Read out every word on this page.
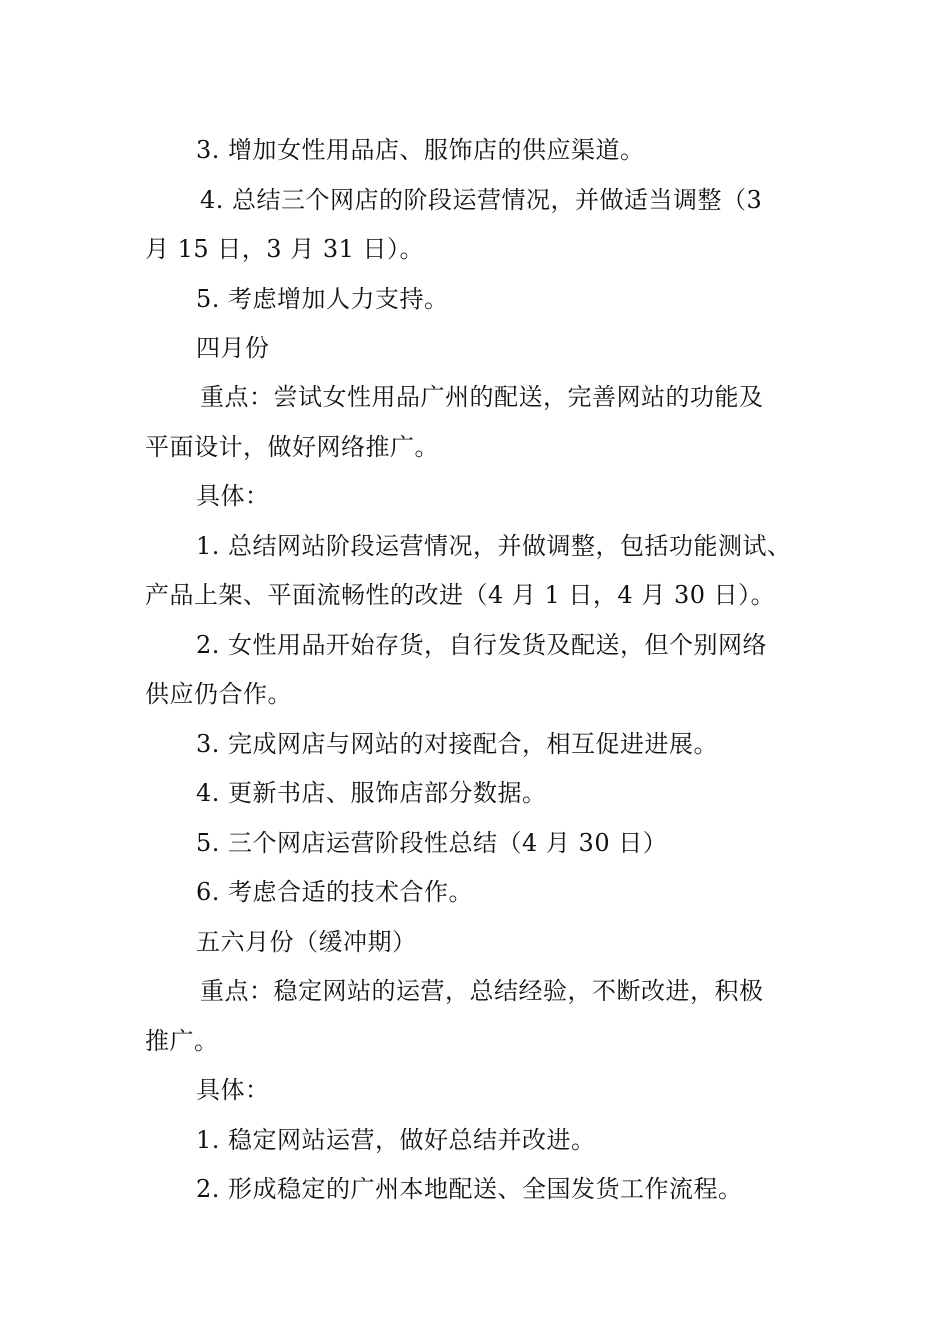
3. 增加女性用品店、服饰店的供应渠道。
4. 总结三个网店的阶段运营情况，并做适当调整（3
月 15 日，3 月 31 日）。
5. 考虑增加人力支持。
四月份
重点：尝试女性用品广州的配送，完善网站的功能及
平面设计，做好网络推广。
具体：
1. 总结网站阶段运营情况，并做调整，包括功能测试、
产品上架、平面流畅性的改进（4 月 1 日，4 月 30 日）。
2. 女性用品开始存货，自行发货及配送，但个别网络
供应仍合作。
3. 完成网店与网站的对接配合，相互促进进展。
4. 更新书店、服饰店部分数据。
5. 三个网店运营阶段性总结（4 月 30 日）
6. 考虑合适的技术合作。
五六月份（缓冲期）
重点：稳定网站的运营，总结经验，不断改进，积极
推广。
具体：
1. 稳定网站运营，做好总结并改进。
2. 形成稳定的广州本地配送、全国发货工作流程。
